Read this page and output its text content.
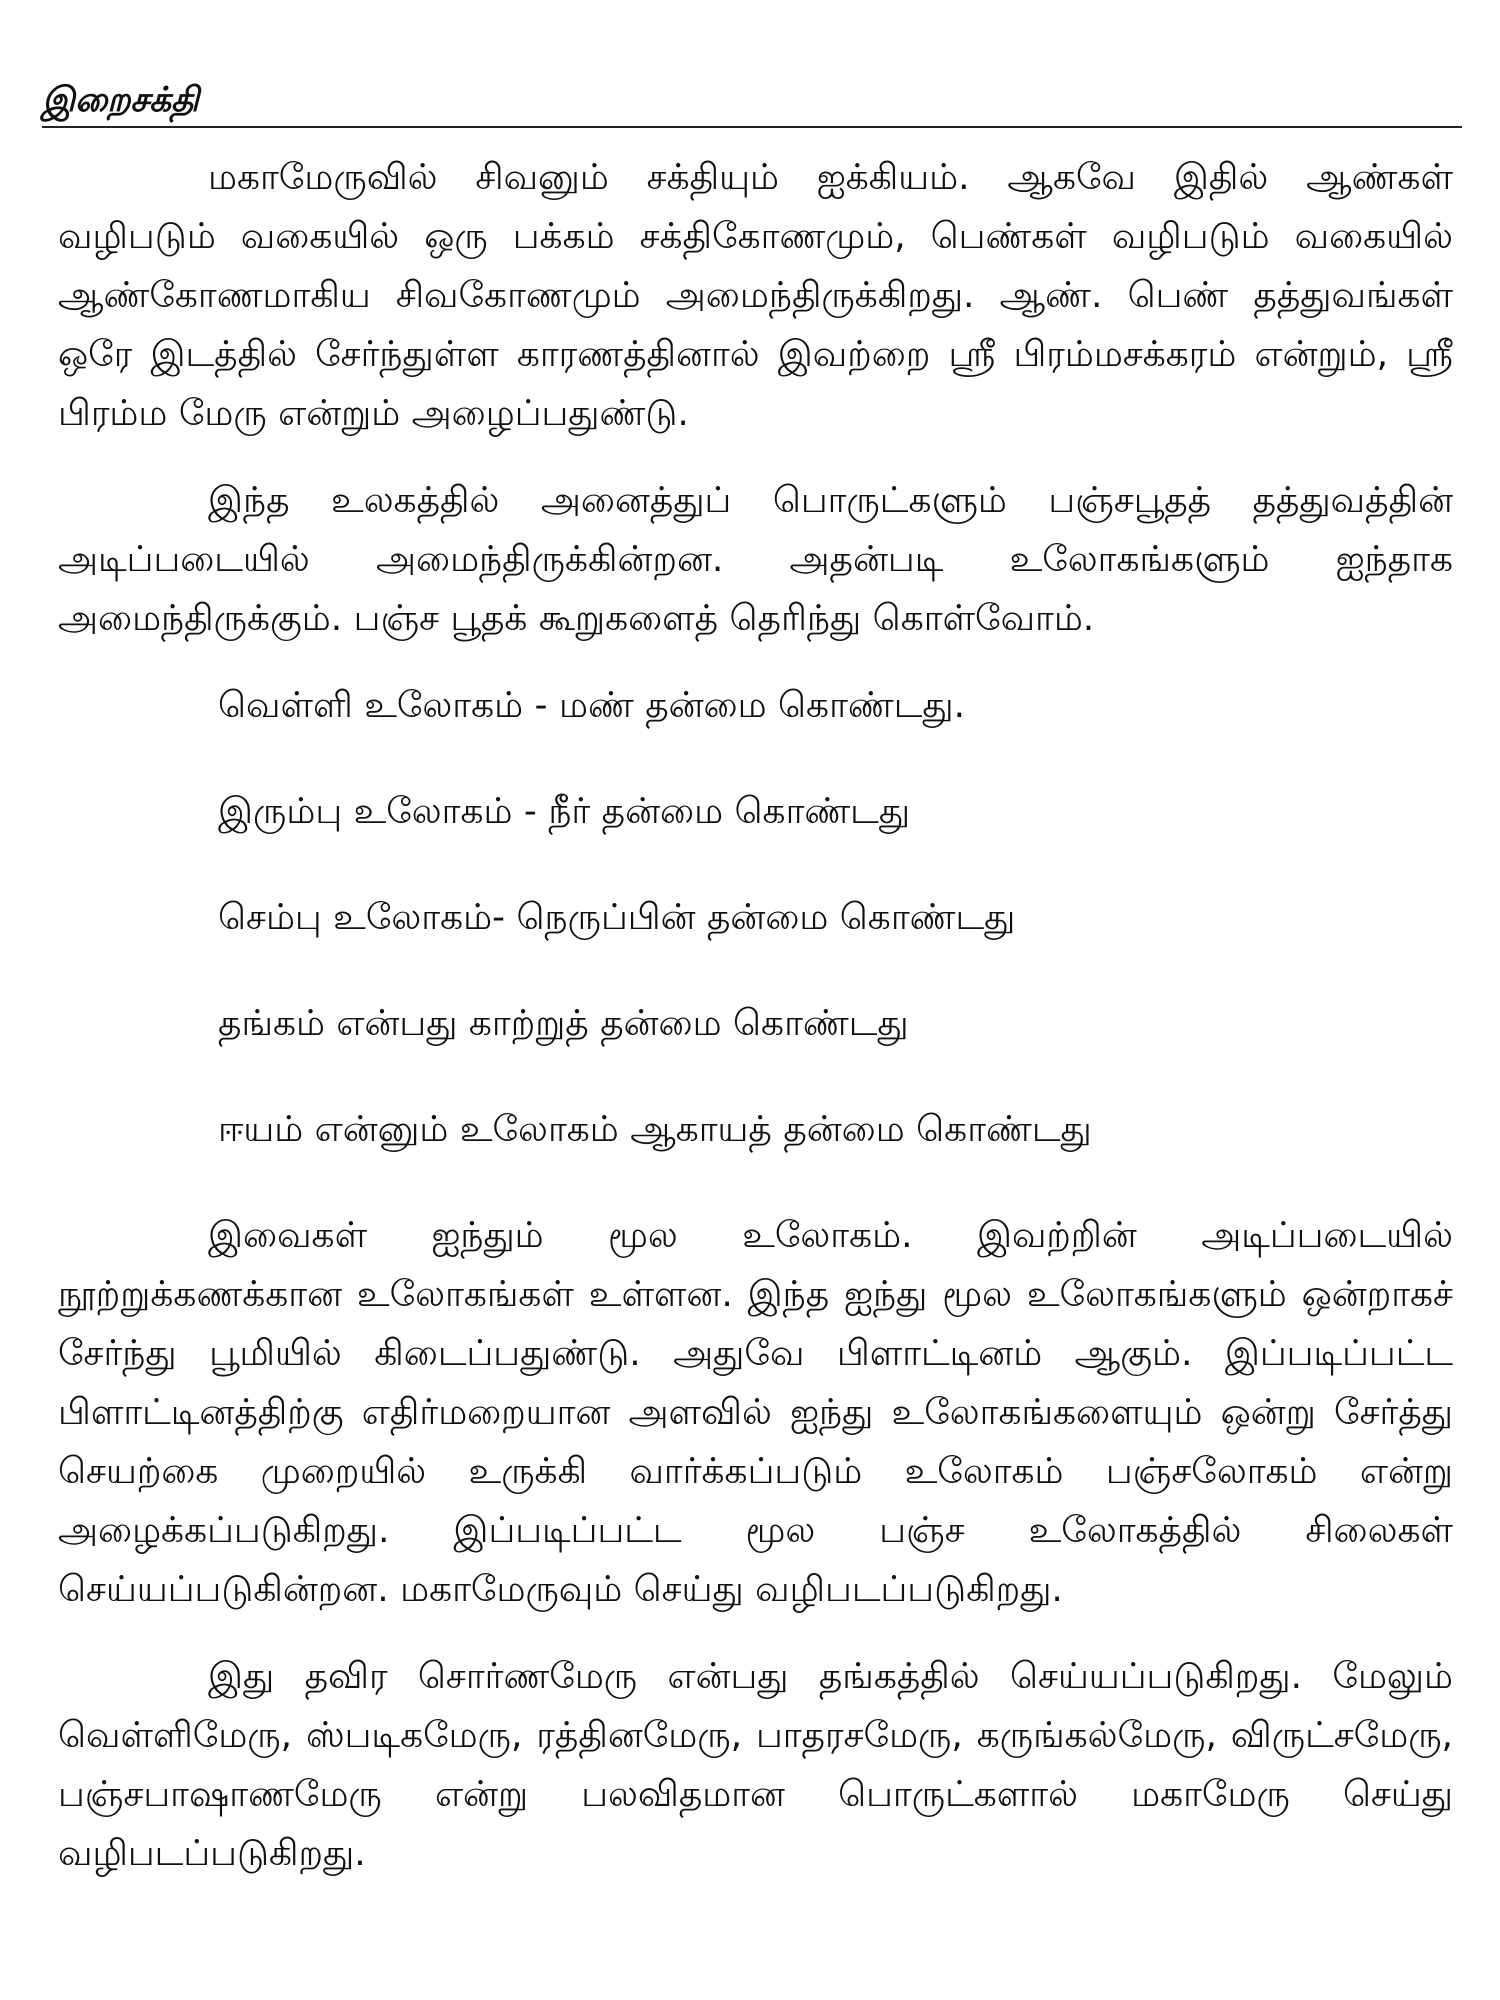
இறைசக்தி

மகாமேருவில் சிவனும் சக்தியும் ஐக்கியம். ஆகவே இதில் ஆண்கள் வழிபடும் வகையில் ஒரு பக்கம் சக்திகோணமும், பெண்கள் வழிபடும் வகையில் ஆண்கோணமாகிய சிவகோணமும் அமைந்திருக்கிறது. ஆண். பெண் தத்துவங்கள் ஒரே இடத்தில் சேர்ந்துள்ள காரணத்தினால் இவற்றை ஸ்ரீ பிரம்மசக்கரம் என்றும், ஸ்ரீ பிரம்ம மேரு என்றும் அழைப்பதுண்டு.

இந்த உலகத்தில் அனைத்துப் பொருட்களும் பஞ்சபூதத் தத்துவத்தின் அடிப்படையில் அமைந்திருக்கின்றன. அதன்படி உலோகங்களும் ஐந்தாக அமைந்திருக்கும். பஞ்ச பூதக் கூறுகளைத் தெரிந்து கொள்வோம்.

வெள்ளி உலோகம் - மண் தன்மை கொண்டது.
இரும்பு உலோகம் - நீர் தன்மை கொண்டது
செம்பு உலோகம்- நெருப்பின் தன்மை கொண்டது
தங்கம் என்பது காற்றுத் தன்மை கொண்டது
ஈயம் என்னும் உலோகம் ஆகாயத் தன்மை கொண்டது

இவைகள் ஐந்தும் மூல உலோகம். இவற்றின் அடிப்படையில் நூற்றுக்கணக்கான உலோகங்கள் உள்ளன. இந்த ஐந்து மூல உலோகங்களும் ஒன்றாகச் சேர்ந்து பூமியில் கிடைப்பதுண்டு. அதுவே பிளாட்டினம் ஆகும். இப்படிப்பட்ட பிளாட்டினத்திற்கு எதிர்மறையான அளவில் ஐந்து உலோகங்களையும் ஒன்று சேர்த்து செயற்கை முறையில் உருக்கி வார்க்கப்படும் உலோகம் பஞ்சலோகம் என்று அழைக்கப்படுகிறது. இப்படிப்பட்ட மூல பஞ்ச உலோகத்தில் சிலைகள் செய்யப்படுகின்றன. மகாமேருவும் செய்து வழிபடப்படுகிறது.

இது தவிர சொர்ணமேரு என்பது தங்கத்தில் செய்யப்படுகிறது. மேலும் வெள்ளிமேரு, ஸ்படிகமேரு, ரத்தினமேரு, பாதரசமேரு, கருங்கல்மேரு, விருட்சமேரு, பஞ்சபாஷாணமேரு என்று பலவிதமான பொருட்களால் மகாமேரு செய்து வழிபடப்படுகிறது.
